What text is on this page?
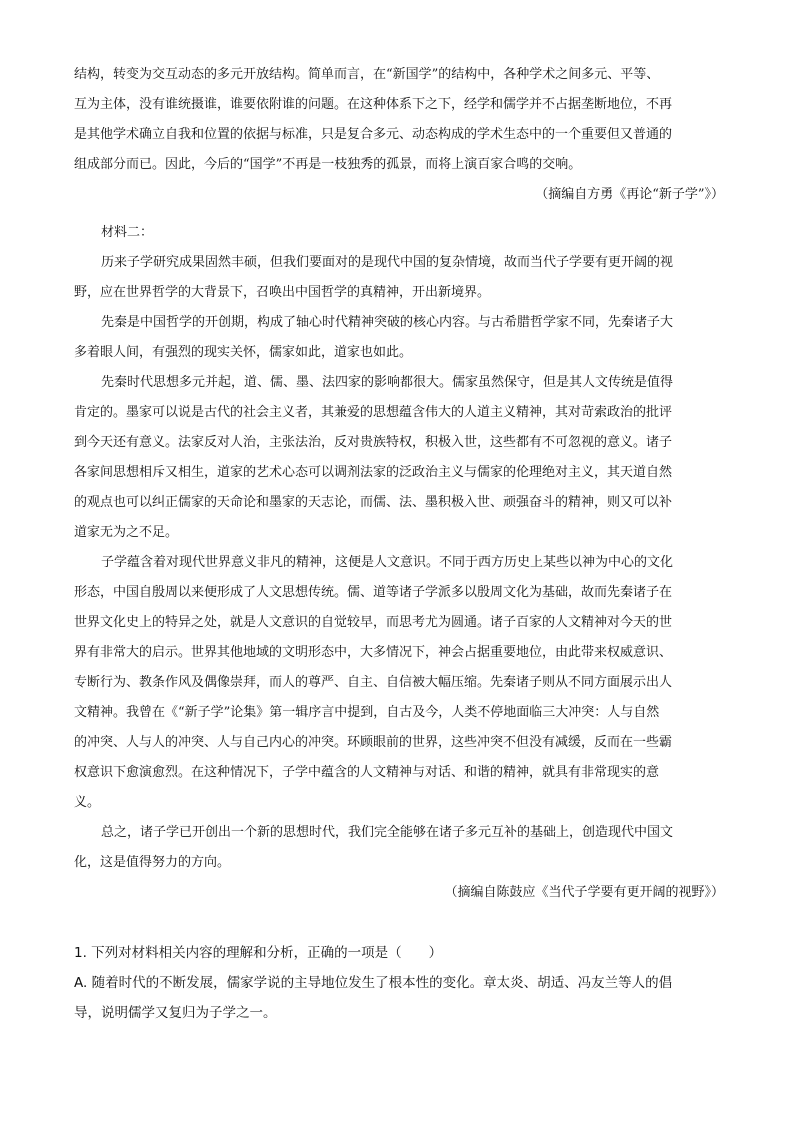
结构，转变为交互动态的多元开放结构。简单而言，在“新国学”的结构中，各种学术之间多元、平等、
互为主体，没有谁统摄谁，谁要依附谁的问题。在这种体系下之下，经学和儒学并不占据垄断地位，不再
是其他学术确立自我和位置的依据与标准，只是复合多元、动态构成的学术生态中的一个重要但又普通的
组成部分而已。因此，今后的“国学”不再是一枝独秀的孤景，而将上演百家合鸣的交响。
（摘编自方勇《再论“新子学”》）
材料二：
历来子学研究成果固然丰硕，但我们要面对的是现代中国的复杂情境，故而当代子学要有更开阔的视
野，应在世界哲学的大背景下，召唤出中国哲学的真精神，开出新境界。
先秦是中国哲学的开创期，构成了轴心时代精神突破的核心内容。与古希腊哲学家不同，先秦诸子大
多着眼人间，有强烈的现实关怀，儒家如此，道家也如此。
先秦时代思想多元并起，道、儒、墨、法四家的影响都很大。儒家虽然保守，但是其人文传统是值得
肯定的。墨家可以说是古代的社会主义者，其兼爱的思想蕴含伟大的人道主义精神，其对苛索政治的批评
到今天还有意义。法家反对人治，主张法治，反对贵族特权，积极入世，这些都有不可忽视的意义。诸子
各家间思想相斥又相生，道家的艺术心态可以调剂法家的泛政治主义与儒家的伦理绝对主义，其天道自然
的观点也可以纠正儒家的天命论和墨家的天志论，而儒、法、墨积极入世、顽强奋斗的精神，则又可以补
道家无为之不足。
子学蕴含着对现代世界意义非凡的精神，这便是人文意识。不同于西方历史上某些以神为中心的文化
形态，中国自殷周以来便形成了人文思想传统。儒、道等诸子学派多以殷周文化为基础，故而先秦诸子在
世界文化史上的特异之处，就是人文意识的自觉较早，而思考尤为圆通。诸子百家的人文精神对今天的世
界有非常大的启示。世界其他地域的文明形态中，大多情况下，神会占据重要地位，由此带来权威意识、
专断行为、教条作风及偶像崇拜，而人的尊严、自主、自信被大幅压缩。先秦诸子则从不同方面展示出人
文精神。我曾在《“新子学”论集》第一辑序言中提到，自古及今，人类不停地面临三大冲突：人与自然
的冲突、人与人的冲突、人与自己内心的冲突。环顾眼前的世界，这些冲突不但没有减缓，反而在一些霸
权意识下愈演愈烈。在这种情况下，子学中蕴含的人文精神与对话、和谐的精神，就具有非常现实的意
义。
总之，诸子学已开创出一个新的思想时代，我们完全能够在诸子多元互补的基础上，创造现代中国文
化，这是值得努力的方向。
（摘编自陈鼓应《当代子学要有更开阔的视野》）
1. 下列对材料相关内容的理解和分析，正确的一项是（　　）
A. 随着时代的不断发展，儒家学说的主导地位发生了根本性的变化。章太炎、胡适、冯友兰等人的倡
导，说明儒学又复归为子学之一。
